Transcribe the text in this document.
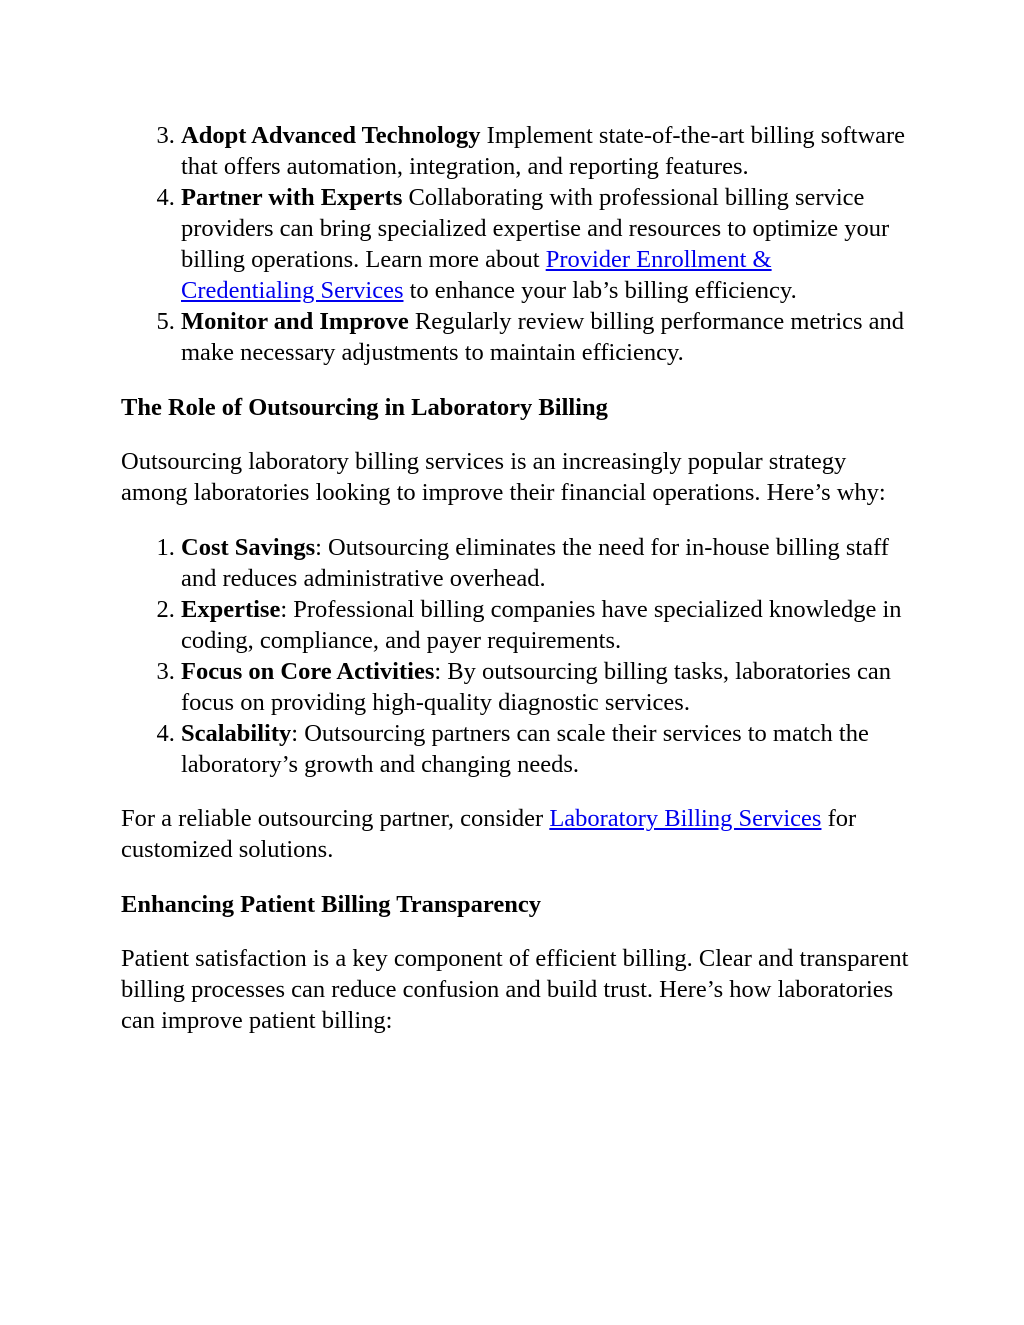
3. Adopt Advanced Technology Implement state-of-the-art billing software that offers automation, integration, and reporting features.
4. Partner with Experts Collaborating with professional billing service providers can bring specialized expertise and resources to optimize your billing operations. Learn more about Provider Enrollment & Credentialing Services to enhance your lab’s billing efficiency.
5. Monitor and Improve Regularly review billing performance metrics and make necessary adjustments to maintain efficiency.
The Role of Outsourcing in Laboratory Billing

Outsourcing laboratory billing services is an increasingly popular strategy among laboratories looking to improve their financial operations. Here’s why:

1. Cost Savings: Outsourcing eliminates the need for in-house billing staff and reduces administrative overhead.
2. Expertise: Professional billing companies have specialized knowledge in coding, compliance, and payer requirements.
3. Focus on Core Activities: By outsourcing billing tasks, laboratories can focus on providing high-quality diagnostic services.
4. Scalability: Outsourcing partners can scale their services to match the laboratory’s growth and changing needs.

For a reliable outsourcing partner, consider Laboratory Billing Services for customized solutions.

Enhancing Patient Billing Transparency

Patient satisfaction is a key component of efficient billing. Clear and transparent billing processes can reduce confusion and build trust. Here’s how laboratories can improve patient billing:
